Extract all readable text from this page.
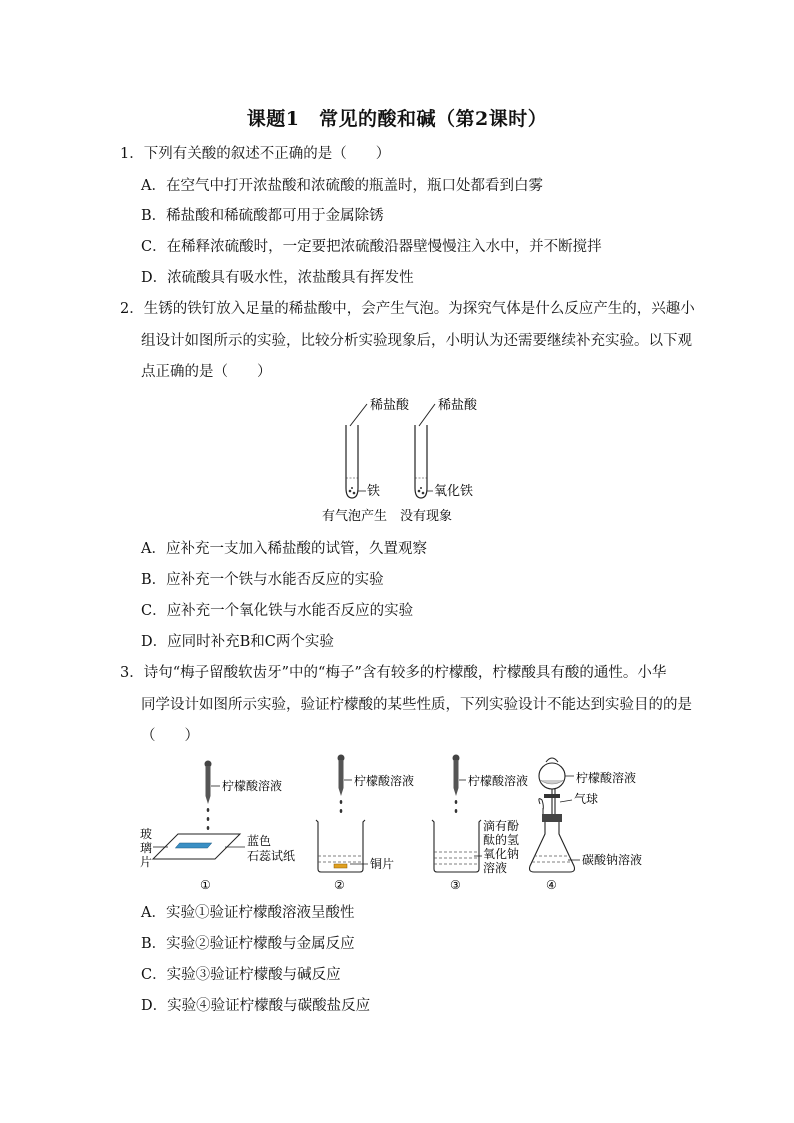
课题1　常见的酸和碱（第2课时）
1．下列有关酸的叙述不正确的是（　　）
A．在空气中打开浓盐酸和浓硫酸的瓶盖时，瓶口处都看到白雾
B．稀盐酸和稀硫酸都可用于金属除锈
C．在稀释浓硫酸时，一定要把浓硫酸沿器壁慢慢注入水中，并不断搅拌
D．浓硫酸具有吸水性，浓盐酸具有挥发性
2．生锈的铁钉放入足量的稀盐酸中，会产生气泡。为探究气体是什么反应产生的，兴趣小
组设计如图所示的实验，比较分析实验现象后，小明认为还需要继续补充实验。以下观
点正确的是（　　）
稀盐酸 稀盐酸
铁	氧化铁
有气泡产生 没有现象
A．应补充一支加入稀盐酸的试管，久置观察
B．应补充一个铁与水能否反应的实验
C．应补充一个氧化铁与水能否反应的实验
D．应同时补充B和C两个实验
3．诗句“梅子留酸软齿牙”中的“梅子”含有较多的柠檬酸，柠檬酸具有酸的通性。小华
同学设计如图所示实验，验证柠檬酸的某些性质，下列实验设计不能达到实验目的的是
（　　）
柠檬酸溶液
玻
璃
片
蓝色
石蕊试纸
①
柠檬酸溶液
铜片
②
柠檬酸溶液
滴有酚
酞的氢
氧化钠
溶液
③
柠檬酸溶液
气球
碳酸钠溶液
④
A．实验①验证柠檬酸溶液呈酸性
B．实验②验证柠檬酸与金属反应
C．实验③验证柠檬酸与碱反应
D．实验④验证柠檬酸与碳酸盐反应
